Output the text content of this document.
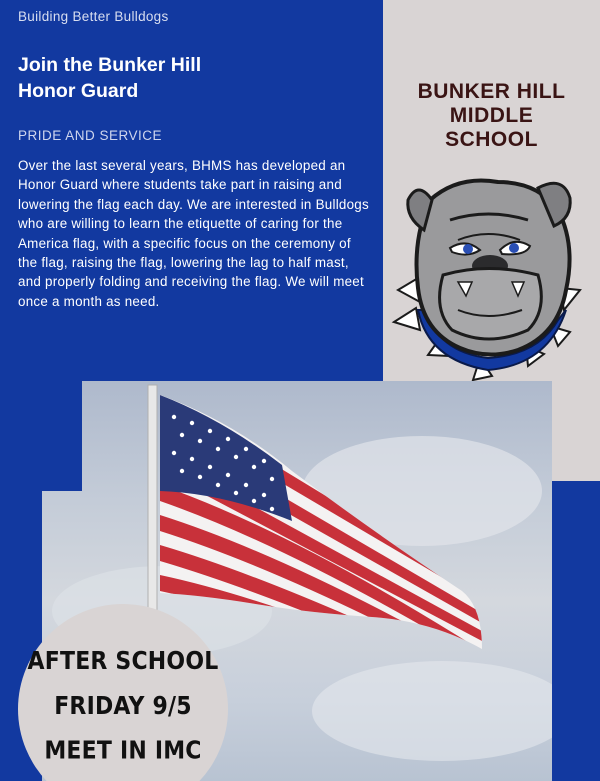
Building Better Bulldogs
Join the Bunker Hill
Honor Guard
PRIDE AND SERVICE
Over the last several years, BHMS has developed an Honor Guard where students take part in raising and lowering the flag each day. We are interested in Bulldogs who are willing to learn the etiquette of caring for the America flag, with a specific focus on the ceremony of the flag, raising the flag, lowering the lag to half mast, and properly folding and receiving the flag. We will meet once a month as need.
BUNKER HILL
MIDDLE
SCHOOL
AFTER SCHOOL
FRIDAY 9/5
MEET IN IMC
